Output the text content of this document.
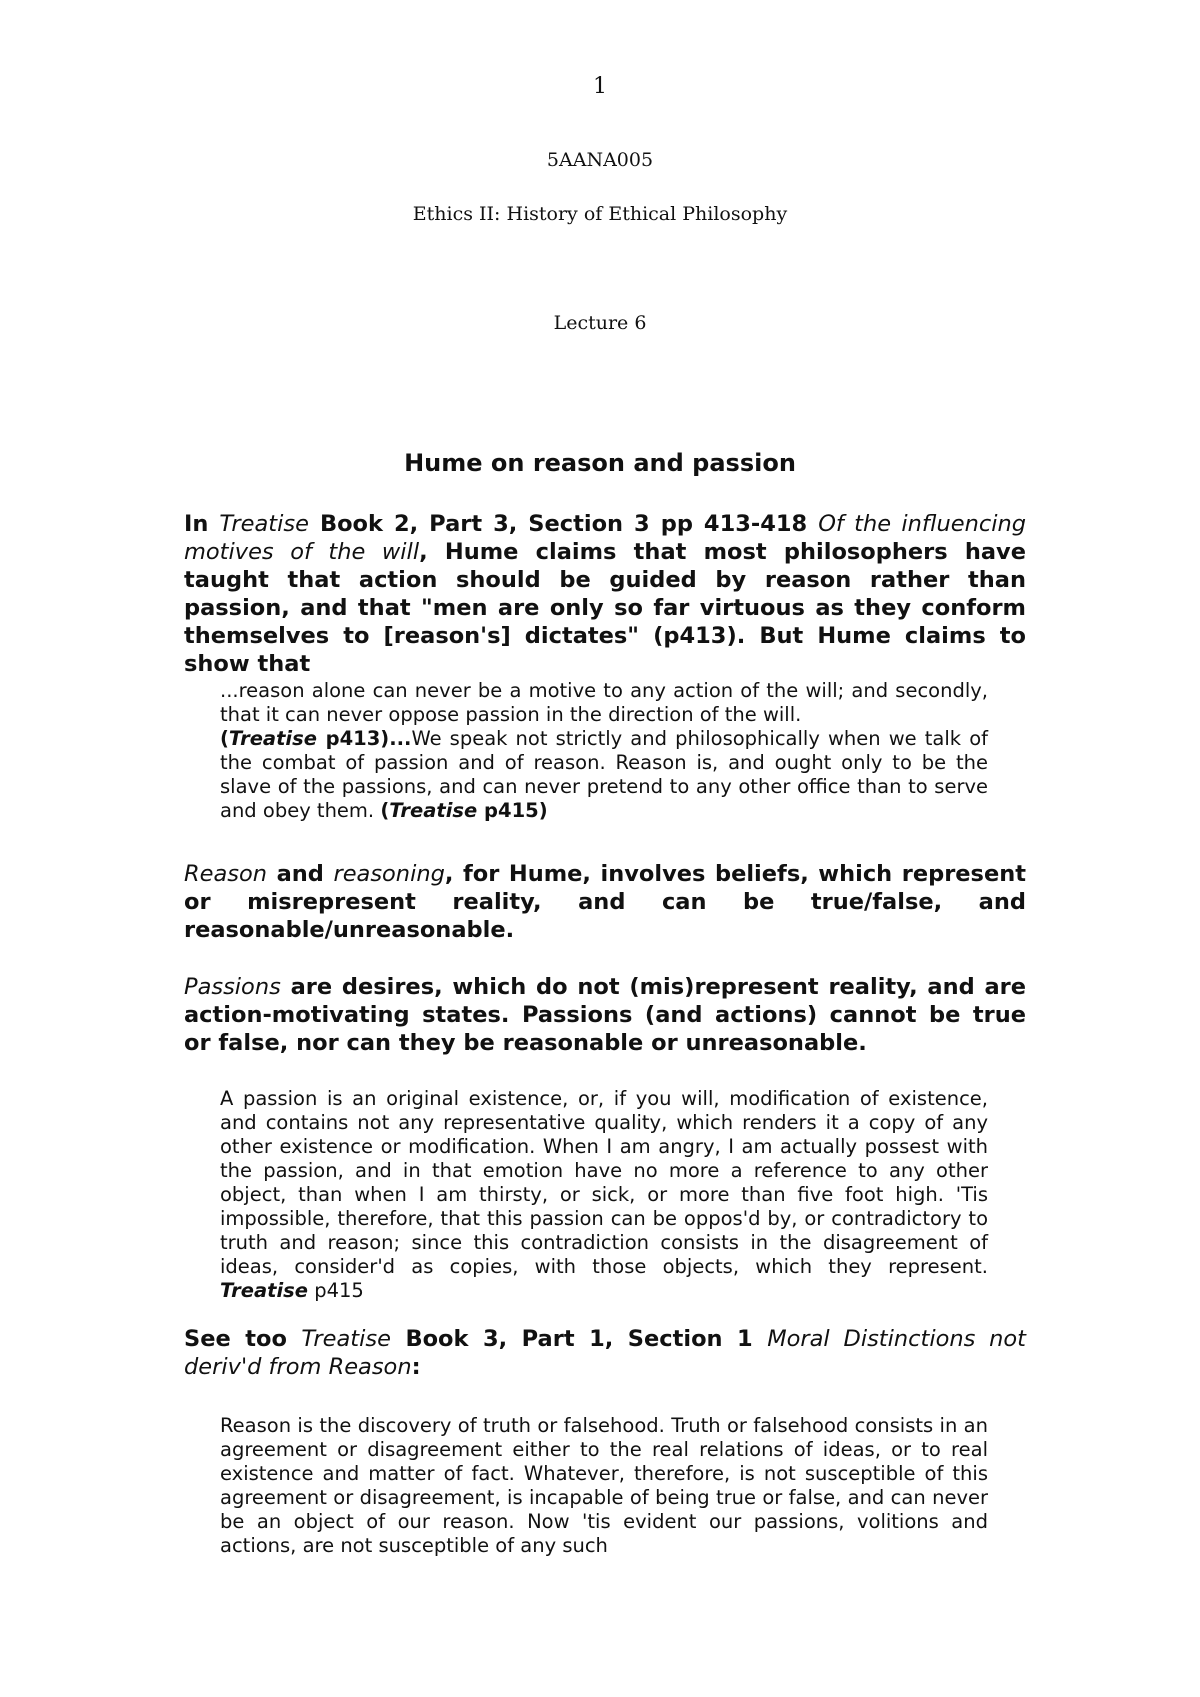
1
5AANA005
Ethics II: History of Ethical Philosophy
Lecture 6
Hume on reason and passion
In Treatise Book 2, Part 3, Section 3 pp 413-418 Of the influencing motives of the will, Hume claims that most philosophers have taught that action should be guided by reason rather than passion, and that "men are only so far virtuous as they conform themselves to [reason's] dictates" (p413). But Hume claims to show that
...reason alone can never be a motive to any action of the will; and secondly, that it can never oppose passion in the direction of the will.
(Treatise p413)...We speak not strictly and philosophically when we talk of the combat of passion and of reason. Reason is, and ought only to be the slave of the passions, and can never pretend to any other office than to serve and obey them. (Treatise p415)
Reason and reasoning, for Hume, involves beliefs, which represent or misrepresent reality, and can be true/false, and reasonable/unreasonable.
Passions are desires, which do not (mis)represent reality, and are action-motivating states. Passions (and actions) cannot be true or false, nor can they be reasonable or unreasonable.
A passion is an original existence, or, if you will, modification of existence, and contains not any representative quality, which renders it a copy of any other existence or modification. When I am angry, I am actually possest with the passion, and in that emotion have no more a reference to any other object, than when I am thirsty, or sick, or more than five foot high. 'Tis impossible, therefore, that this passion can be oppos'd by, or contradictory to truth and reason; since this contradiction consists in the disagreement of ideas, consider'd as copies, with those objects, which they represent. Treatise p415
See too Treatise Book 3, Part 1, Section 1 Moral Distinctions not deriv'd from Reason:
Reason is the discovery of truth or falsehood. Truth or falsehood consists in an agreement or disagreement either to the real relations of ideas, or to real existence and matter of fact. Whatever, therefore, is not susceptible of this agreement or disagreement, is incapable of being true or false, and can never be an object of our reason. Now 'tis evident our passions, volitions and actions, are not susceptible of any such
